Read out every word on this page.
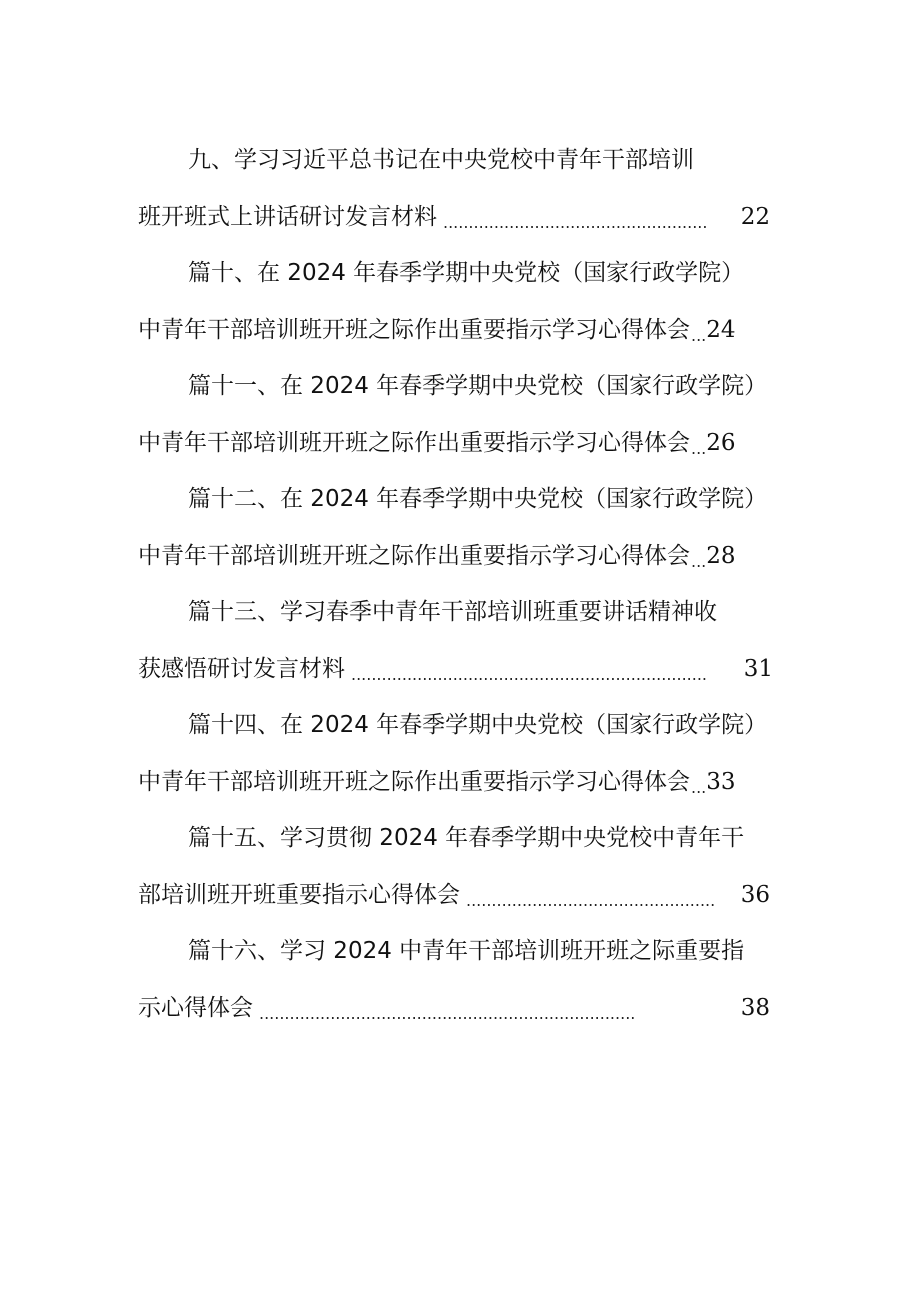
九、学习习近平总书记在中央党校中青年干部培训
班开班式上讲话研讨发言材料 ....................................................	22
篇十、在 2024 年春季学期中央党校（国家行政学院）
中青年干部培训班开班之际作出重要指示学习心得体会 ... 24
篇十一、在 2024 年春季学期中央党校（国家行政学院）
中青年干部培训班开班之际作出重要指示学习心得体会 ... 26
篇十二、在 2024 年春季学期中央党校（国家行政学院）
中青年干部培训班开班之际作出重要指示学习心得体会 ... 28
篇十三、学习春季中青年干部培训班重要讲话精神收
获感悟研讨发言材料 ......................................................................	31
篇十四、在 2024 年春季学期中央党校（国家行政学院）
中青年干部培训班开班之际作出重要指示学习心得体会 ... 33
篇十五、学习贯彻 2024 年春季学期中央党校中青年干
部培训班开班重要指示心得体会 .................................................	36
篇十六、学习 2024 中青年干部培训班开班之际重要指
示心得体会 ..........................................................................	38
